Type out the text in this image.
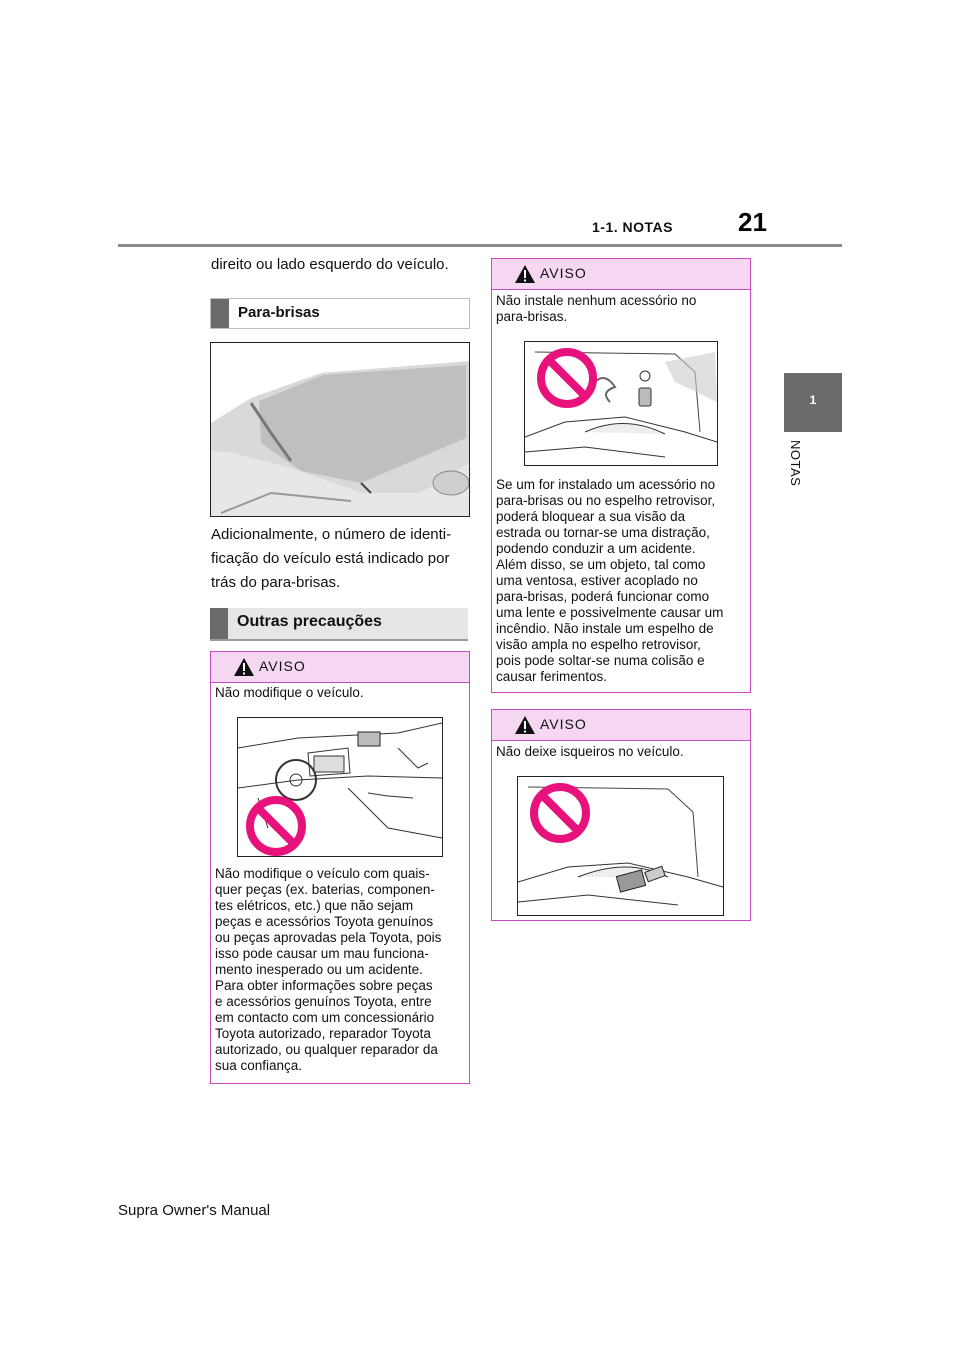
21
1-1. NOTAS
1
NOTAS
direito ou lado esquerdo do veículo.
Para-brisas
Adicionalmente, o número de identi-
ficação do veículo está indicado por
trás do para-brisas.
Outras precauções
AVISO
Não modifique o veículo.
Não modifique o veículo com quais-
quer peças (ex. baterias, componen-
tes elétricos, etc.) que não sejam
peças e acessórios Toyota genuínos
ou peças aprovadas pela Toyota, pois
isso pode causar um mau funciona-
mento inesperado ou um acidente.
Para obter informações sobre peças
e acessórios genuínos Toyota, entre
em contacto com um concessionário
Toyota autorizado, reparador Toyota
autorizado, ou qualquer reparador da
sua confiança.
AVISO
Não instale nenhum acessório no
para-brisas.
Se um for instalado um acessório no
para-brisas ou no espelho retrovisor,
poderá bloquear a sua visão da
estrada ou tornar-se uma distração,
podendo conduzir a um acidente.
Além disso, se um objeto, tal como
uma ventosa, estiver acoplado no
para-brisas, poderá funcionar como
uma lente e possivelmente causar um
incêndio. Não instale um espelho de
visão ampla no espelho retrovisor,
pois pode soltar-se numa colisão e
causar ferimentos.
AVISO
Não deixe isqueiros no veículo.
Supra Owner's Manual
